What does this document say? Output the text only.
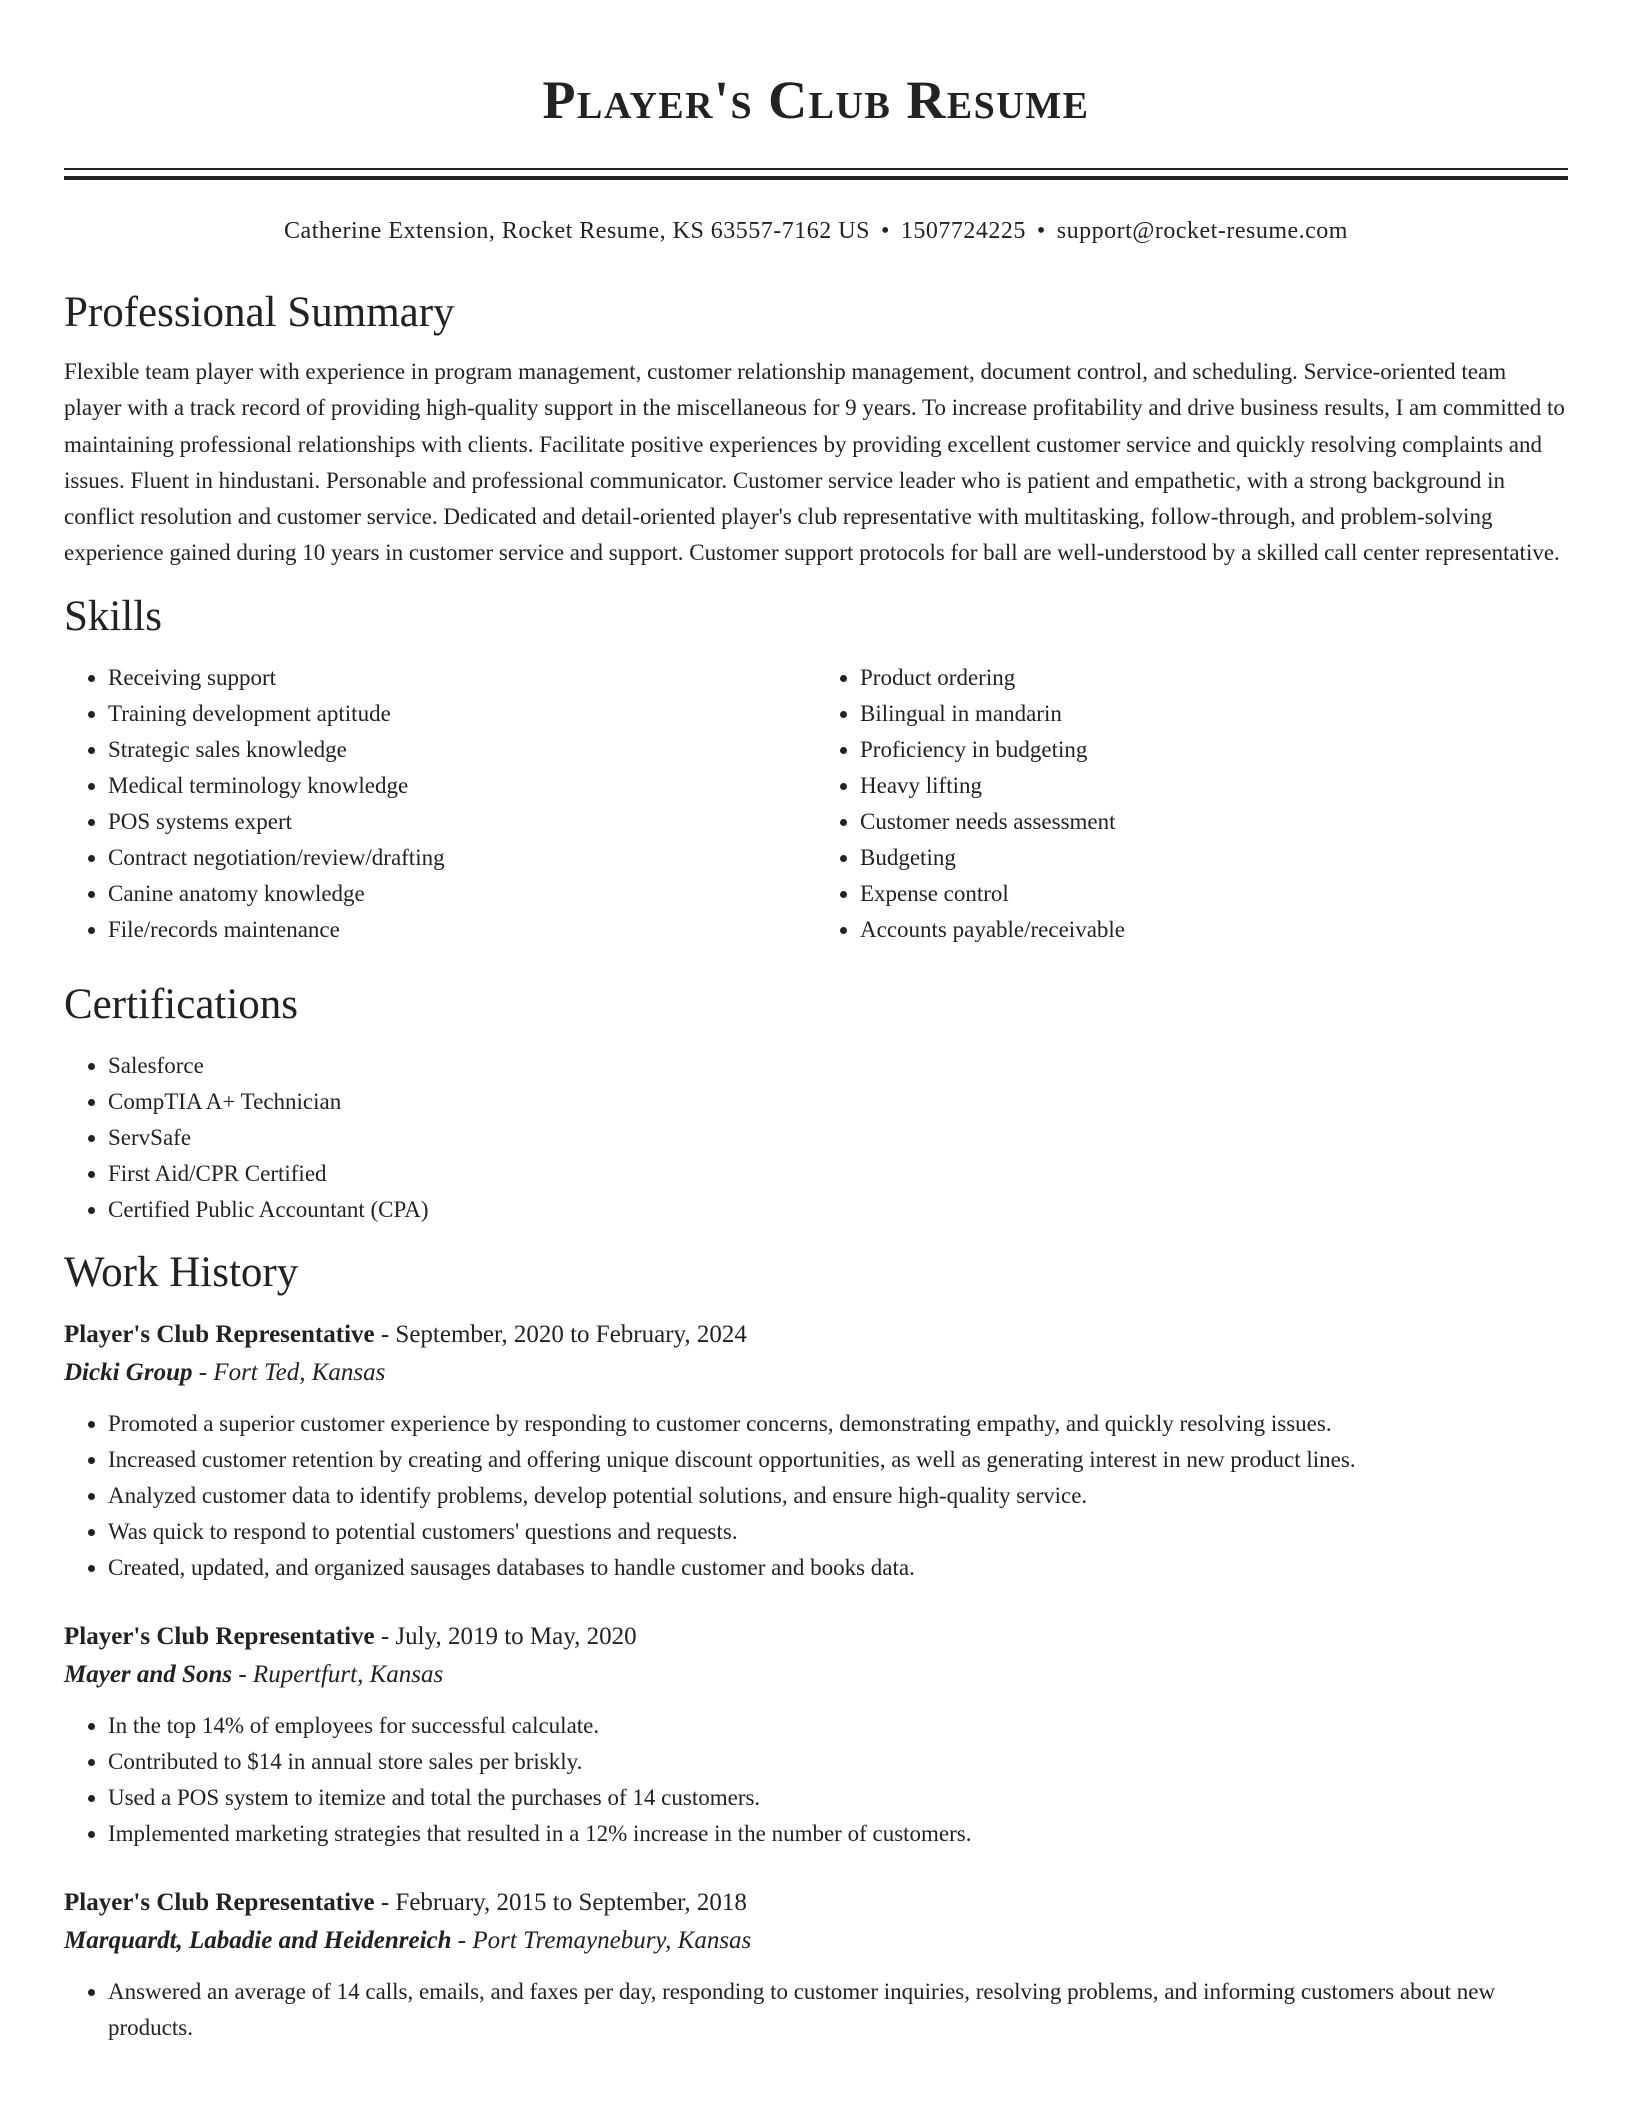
Player's Club Resume
Catherine Extension, Rocket Resume, KS 63557-7162 US • 1507724225 • support@rocket-resume.com
Professional Summary

Flexible team player with experience in program management, customer relationship management, document control, and scheduling. Service-oriented team player with a track record of providing high-quality support in the miscellaneous for 9 years. To increase profitability and drive business results, I am committed to maintaining professional relationships with clients. Facilitate positive experiences by providing excellent customer service and quickly resolving complaints and issues. Fluent in hindustani. Personable and professional communicator. Customer service leader who is patient and empathetic, with a strong background in conflict resolution and customer service. Dedicated and detail-oriented player's club representative with multitasking, follow-through, and problem-solving experience gained during 10 years in customer service and support. Customer support protocols for ball are well-understood by a skilled call center representative.

Skills
• Receiving support
• Training development aptitude
• Strategic sales knowledge
• Medical terminology knowledge
• POS systems expert
• Contract negotiation/review/drafting
• Canine anatomy knowledge
• File/records maintenance
• Product ordering
• Bilingual in mandarin
• Proficiency in budgeting
• Heavy lifting
• Customer needs assessment
• Budgeting
• Expense control
• Accounts payable/receivable
Certifications
• Salesforce
• CompTIA A+ Technician
• ServSafe
• First Aid/CPR Certified
• Certified Public Accountant (CPA)
Work History
Player's Club Representative - September, 2020 to February, 2024
Dicki Group - Fort Ted, Kansas
• Promoted a superior customer experience by responding to customer concerns, demonstrating empathy, and quickly resolving issues.
• Increased customer retention by creating and offering unique discount opportunities, as well as generating interest in new product lines.
• Analyzed customer data to identify problems, develop potential solutions, and ensure high-quality service.
• Was quick to respond to potential customers' questions and requests.
• Created, updated, and organized sausages databases to handle customer and books data.
Player's Club Representative - July, 2019 to May, 2020
Mayer and Sons - Rupertfurt, Kansas
• In the top 14% of employees for successful calculate.
• Contributed to $14 in annual store sales per briskly.
• Used a POS system to itemize and total the purchases of 14 customers.
• Implemented marketing strategies that resulted in a 12% increase in the number of customers.
Player's Club Representative - February, 2015 to September, 2018
Marquardt, Labadie and Heidenreich - Port Tremaynebury, Kansas
• Answered an average of 14 calls, emails, and faxes per day, responding to customer inquiries, resolving problems, and informing customers about new products.
